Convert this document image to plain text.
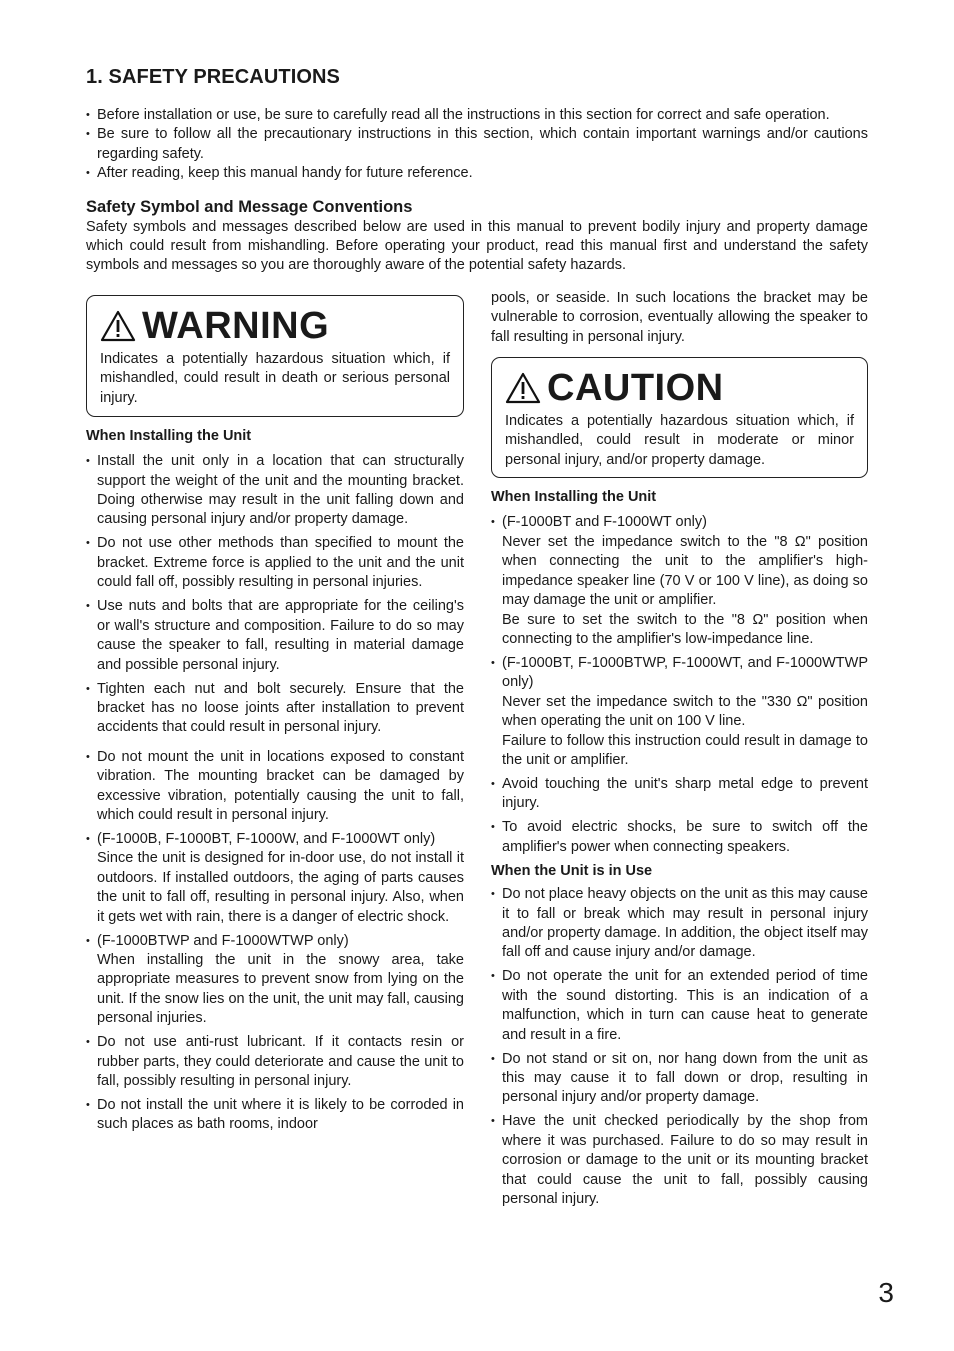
1. SAFETY PRECAUTIONS
• Before installation or use, be sure to carefully read all the instructions in this section for correct and safe operation.
• Be sure to follow all the precautionary instructions in this section, which contain important warnings and/or cautions regarding safety.
• After reading, keep this manual handy for future reference.
Safety Symbol and Message Conventions

Safety symbols and messages described below are used in this manual to prevent bodily injury and property damage which could result from mishandling. Before operating your product, read this manual first and understand the safety symbols and messages so you are thoroughly aware of the potential safety hazards.

WARNING

Indicates a potentially hazardous situation which, if mishandled, could result in death or serious personal injury.

When Installing the Unit
• Install the unit only in a location that can structurally support the weight of the unit and the mounting bracket. Doing otherwise may result in the unit falling down and causing personal injury and/or property damage.
• Do not use other methods than specified to mount the bracket. Extreme force is applied to the unit and the unit could fall off, possibly resulting in personal injuries.
• Use nuts and bolts that are appropriate for the ceiling's or wall's structure and composition. Failure to do so may cause the speaker to fall, resulting in material damage and possible personal injury.
• Tighten each nut and bolt securely. Ensure that the bracket has no loose joints after installation to prevent accidents that could result in personal injury.
• Do not mount the unit in locations exposed to constant vibration. The mounting bracket can be damaged by excessive vibration, potentially causing the unit to fall, which could result in personal injury.
• (F-1000B, F-1000BT, F-1000W, and F-1000WT only)
Since the unit is designed for in-door use, do not install it outdoors. If installed outdoors, the aging of parts causes the unit to fall off, resulting in personal injury. Also, when it gets wet with rain, there is a danger of electric shock.
• (F-1000BTWP and F-1000WTWP only)
When installing the unit in the snowy area, take appropriate measures to prevent snow from lying on the unit. If the snow lies on the unit, the unit may fall, causing personal injuries.
• Do not use anti-rust lubricant. If it contacts resin or rubber parts, they could deteriorate and cause the unit to fall, possibly resulting in personal injury.
• Do not install the unit where it is likely to be corroded in such places as bath rooms, indoor

pools, or seaside. In such locations the bracket may be vulnerable to corrosion, eventually allowing the speaker to fall resulting in personal injury.

CAUTION

Indicates a potentially hazardous situation which, if mishandled, could result in moderate or minor personal injury, and/or property damage.

When Installing the Unit
• (F-1000BT and F-1000WT only)
Never set the impedance switch to the "8 Ω" position when connecting the unit to the amplifier's high-impedance speaker line (70 V or 100 V line), as doing so may damage the unit or amplifier.
Be sure to set the switch to the "8 Ω" position when connecting to the amplifier's low-impedance line.
• (F-1000BT, F-1000BTWP, F-1000WT, and F-1000WTWP only)
Never set the impedance switch to the "330 Ω" position when operating the unit on 100 V line.
Failure to follow this instruction could result in damage to the unit or amplifier.
• Avoid touching the unit's sharp metal edge to prevent injury.
• To avoid electric shocks, be sure to switch off the amplifier's power when connecting speakers.
When the Unit is in Use
• Do not place heavy objects on the unit as this may cause it to fall or break which may result in personal injury and/or property damage. In addition, the object itself may fall off and cause injury and/or damage.
• Do not operate the unit for an extended period of time with the sound distorting. This is an indication of a malfunction, which in turn can cause heat to generate and result in a fire.
• Do not stand or sit on, nor hang down from the unit as this may cause it to fall down or drop, resulting in personal injury and/or property damage.
• Have the unit checked periodically by the shop from where it was purchased. Failure to do so may result in corrosion or damage to the unit or its mounting bracket that could cause the unit to fall, possibly causing personal injury.
3
